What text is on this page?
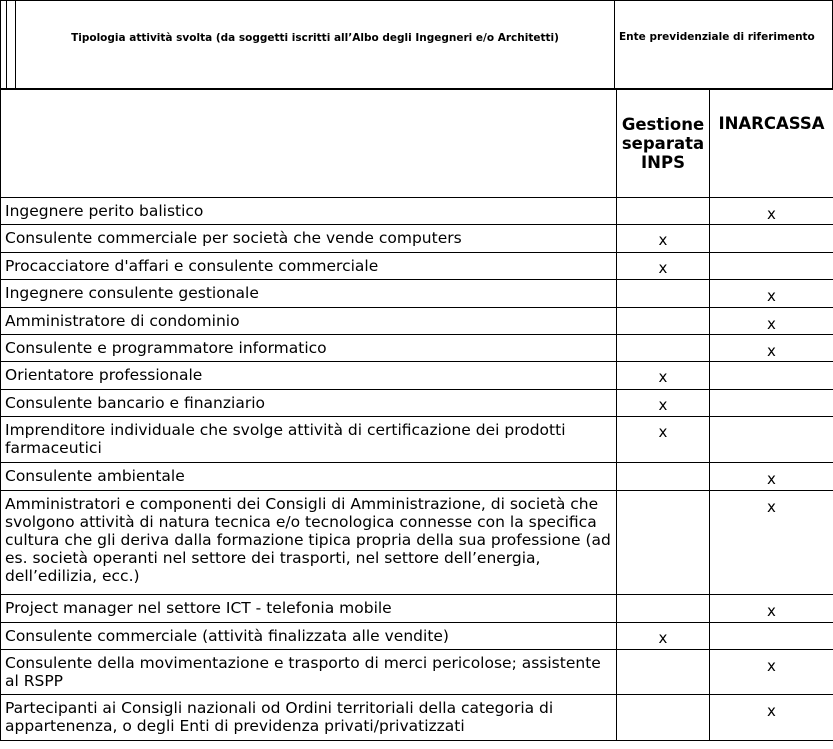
		Tipologia attività svolta (da soggetti iscritti all’Albo degli Ingegneri e/o Architetti)	Ente previdenziale di riferimento
	Gestione separata INPS	INARCASSA
Ingegnere perito balistico		x
Consulente commerciale per società che vende computers	x	
Procacciatore d'affari e consulente commerciale	x	
Ingegnere consulente gestionale		x
Amministratore di condominio		x
Consulente e programmatore informatico		x
Orientatore professionale	x	
Consulente bancario e finanziario	x	
Imprenditore individuale che svolge attività di certificazione dei prodotti farmaceutici	x	
Consulente ambientale		x
Amministratori e componenti dei Consigli di Amministrazione, di società che svolgono attività di natura tecnica e/o tecnologica connesse con la specifica cultura che gli deriva dalla formazione tipica propria della sua professione (ad es. società operanti nel settore dei trasporti, nel settore dell’energia, dell’edilizia, ecc.)		x
Project manager nel settore ICT - telefonia mobile		x
Consulente commerciale (attività finalizzata alle vendite)	x	
Consulente della movimentazione e trasporto di merci pericolose; assistente al RSPP		x
Partecipanti ai Consigli nazionali od Ordini territoriali della categoria di appartenenza, o degli Enti di previdenza privati/privatizzati		x
